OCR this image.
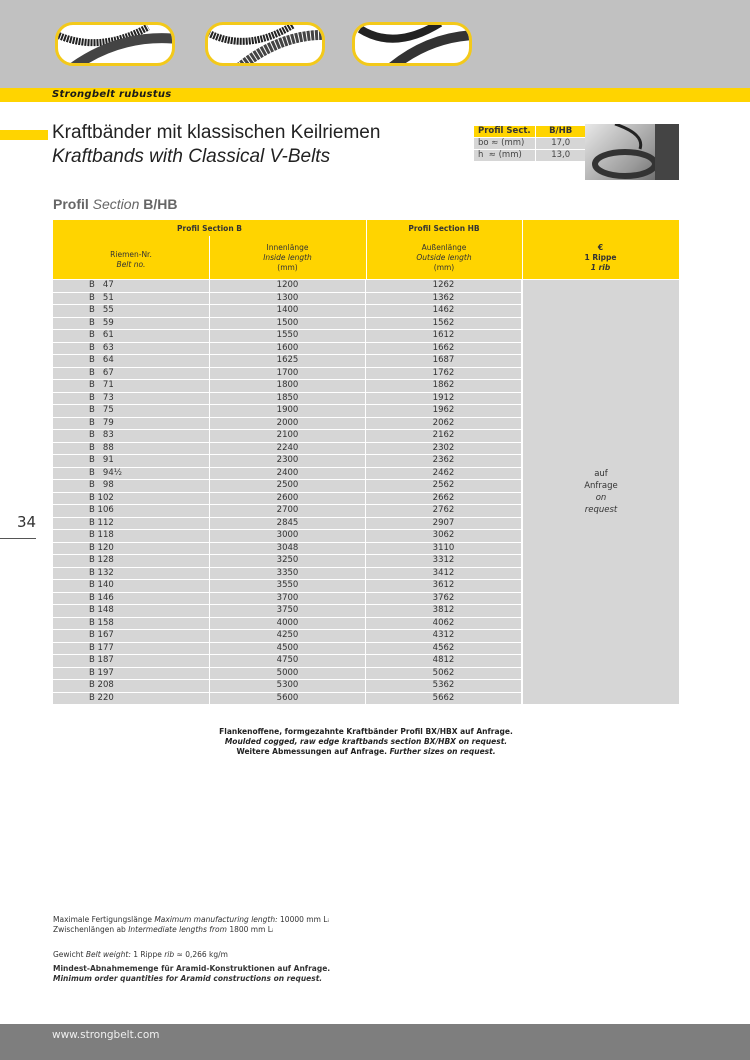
Strongbelt rubustus
Kraftbänder mit klassischen Keilriemen
Kraftbands with Classical V-Belts
Profil Sect.	B/HB
bo ≈ (mm)	17,0
h  ≈ (mm)	13,0
Profil Section B/HB
Profil Section B	Profil Section HB
Riemen-Nr.
Belt no.
Innenlänge
Inside length
(mm)
Außenlänge
Outside length
(mm)
€
1 Rippe
1 rib
auf
Anfrage
on
request
B   47	1200	1262
B   51	1300	1362
B   55	1400	1462
B   59	1500	1562
B   61	1550	1612
B   63	1600	1662
B   64	1625	1687
B   67	1700	1762
B   71	1800	1862
B   73	1850	1912
B   75	1900	1962
B   79	2000	2062
B   83	2100	2162
B   88	2240	2302
B   91	2300	2362
B   94½	2400	2462
B   98	2500	2562
B 102	2600	2662
B 106	2700	2762
B 112	2845	2907
B 118	3000	3062
B 120	3048	3110
B 128	3250	3312
B 132	3350	3412
B 140	3550	3612
B 146	3700	3762
B 148	3750	3812
B 158	4000	4062
B 167	4250	4312
B 177	4500	4562
B 187	4750	4812
B 197	5000	5062
B 208	5300	5362
B 220	5600	5662
34
Flankenoffene, formgezahnte Kraftbänder Profil BX/HBX auf Anfrage.
Moulded cogged, raw edge kraftbands section BX/HBX on request.
Weitere Abmessungen auf Anfrage. Further sizes on request.
Maximale Fertigungslänge Maximum manufacturing length: 10000 mm Lᵢ
Zwischenlängen ab Intermediate lengths from 1800 mm Lᵢ
Gewicht Belt weight: 1 Rippe rib ≈ 0,266 kg/m
Mindest-Abnahmemenge für Aramid-Konstruktionen auf Anfrage.
Minimum order quantities for Aramid constructions on request.
www.strongbelt.com
